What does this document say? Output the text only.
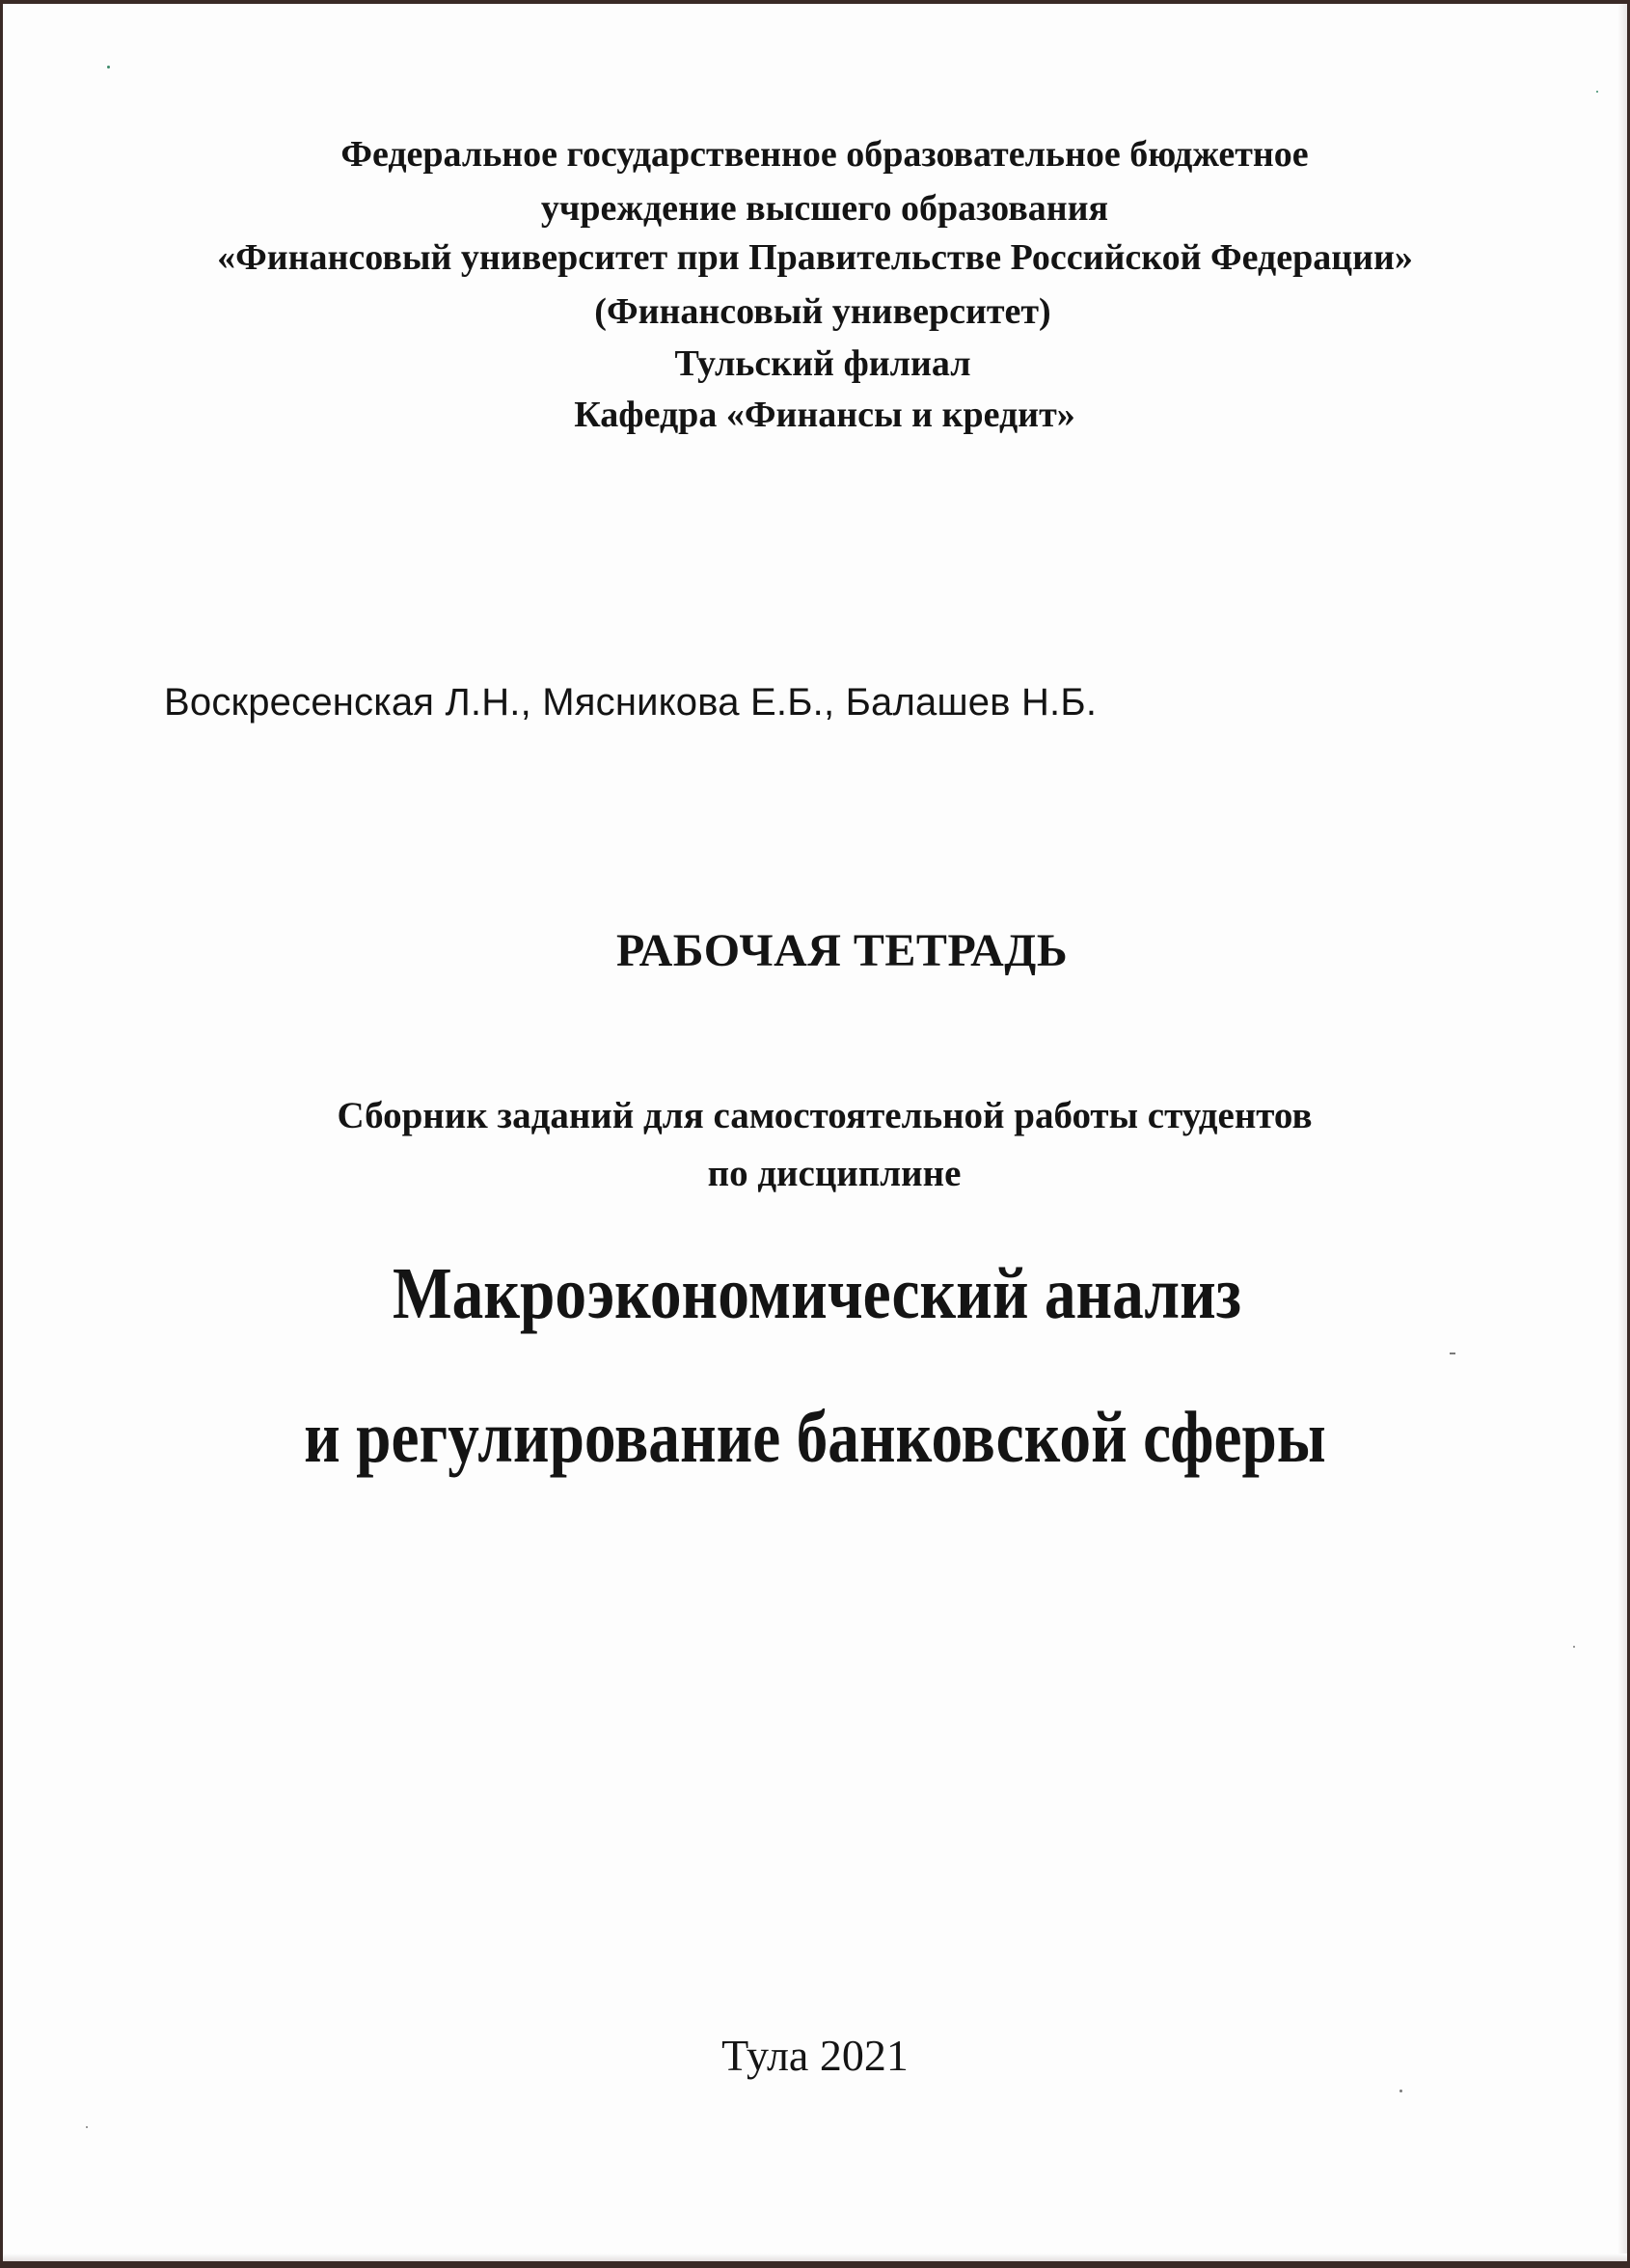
Федеральное государственное образовательное бюджетное
учреждение высшего образования
«Финансовый университет при Правительстве Российской Федерации»
(Финансовый университет)
Тульский филиал
Кафедра «Финансы и кредит»
Воскресенская Л.Н., Мясникова Е.Б., Балашев Н.Б.
РАБОЧАЯ ТЕТРАДЬ
Сборник заданий для самостоятельной работы студентов
по дисциплине
Макроэкономический анализ
и регулирование банковской сферы
Тула 2021
